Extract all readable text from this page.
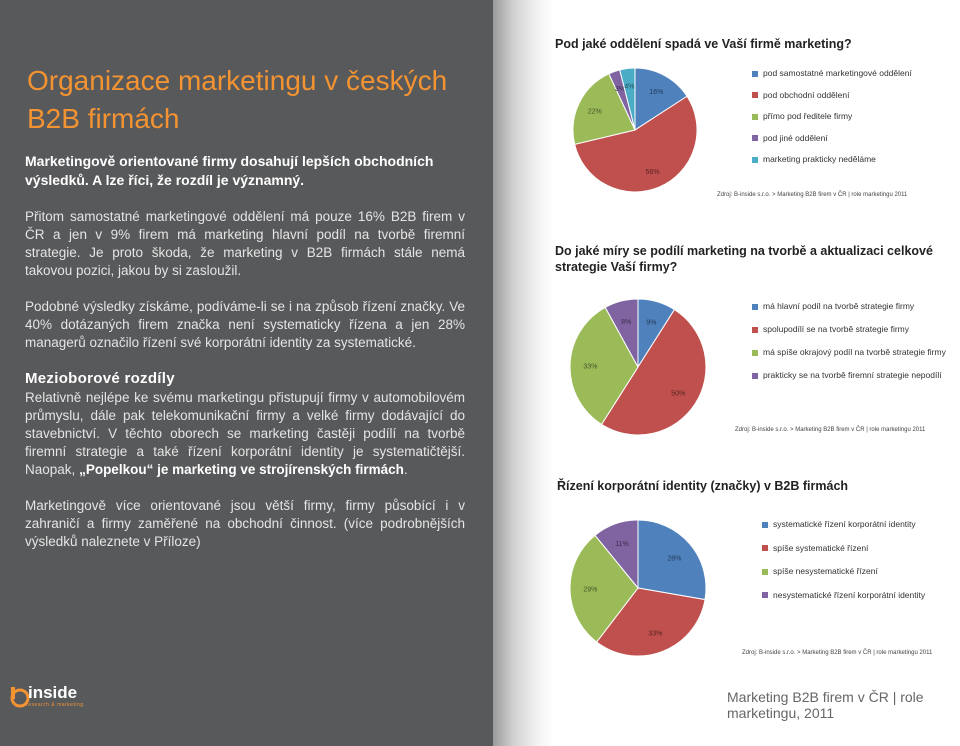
Organizace marketingu v českých B2B firmách
Marketingově orientované firmy dosahují lepších obchodních výsledků. A lze říci, že rozdíl je významný.
Přitom samostatné marketingové oddělení má pouze 16% B2B firem v ČR a jen v 9% firem má marketing hlavní podíl na tvorbě firemní strategie. Je proto škoda, že marketing v B2B firmách stále nemá takovou pozici, jakou by si zasloužil.
Podobné výsledky získáme, podíváme-li se i na způsob řízení značky. Ve 40% dotázaných firem značka není systematicky řízena a jen 28% managerů označilo řízení své korporátní identity za systematické.
Mezioborové rozdíly
Relativně nejlépe ke svému marketingu přistupují firmy v automobilovém průmyslu, dále pak telekomunikační firmy a velké firmy dodávající do stavebnictví. V těchto oborech se marketing častěji podílí na tvorbě firemní strategie a také řízení korporátní identity je systematičtější. Naopak, „Popelkou“ je marketing ve strojírenských firmách.
Marketingově více orientované jsou větší firmy, firmy působící i v zahraničí a firmy zaměřené na obchodní činnost. (více podrobnějších výsledků naleznete v Příloze)
inside
research & marketing
Pod jaké oddělení spadá ve Vaší firmě marketing?
16%
56%
22%
3% 4%
pod samostatné marketingové oddělení
pod obchodní oddělení
přímo pod ředitele firmy
pod jiné oddělení
marketing prakticky neděláme
Zdroj: B-inside s.r.o. > Marketing B2B firem v ČR | role marketingu 2011
Do jaké míry se podílí marketing na tvorbě a aktualizaci celkové strategie Vaší firmy?
9%
50%
33%
8%
má hlavní podíl na tvorbě strategie firmy
spolupodílí se na tvorbě strategie firmy
má spíše okrajový podíl na tvorbě strategie firmy
prakticky se na tvorbě firemní strategie nepodílí
Zdroj: B-inside s.r.o. > Marketing B2B firem v ČR | role marketingu 2011
Řízení korporátní identity (značky) v B2B firmách
28%
33%
29%
11%
systematické řízení korporátní identity
spíše systematické řízení
spíše nesystematické řízení
nesystematické řízení korporátní identity
Zdroj: B-inside s.r.o. > Marketing B2B firem v ČR | role marketingu 2011
Marketing B2B firem v ČR | role marketingu, 2011
